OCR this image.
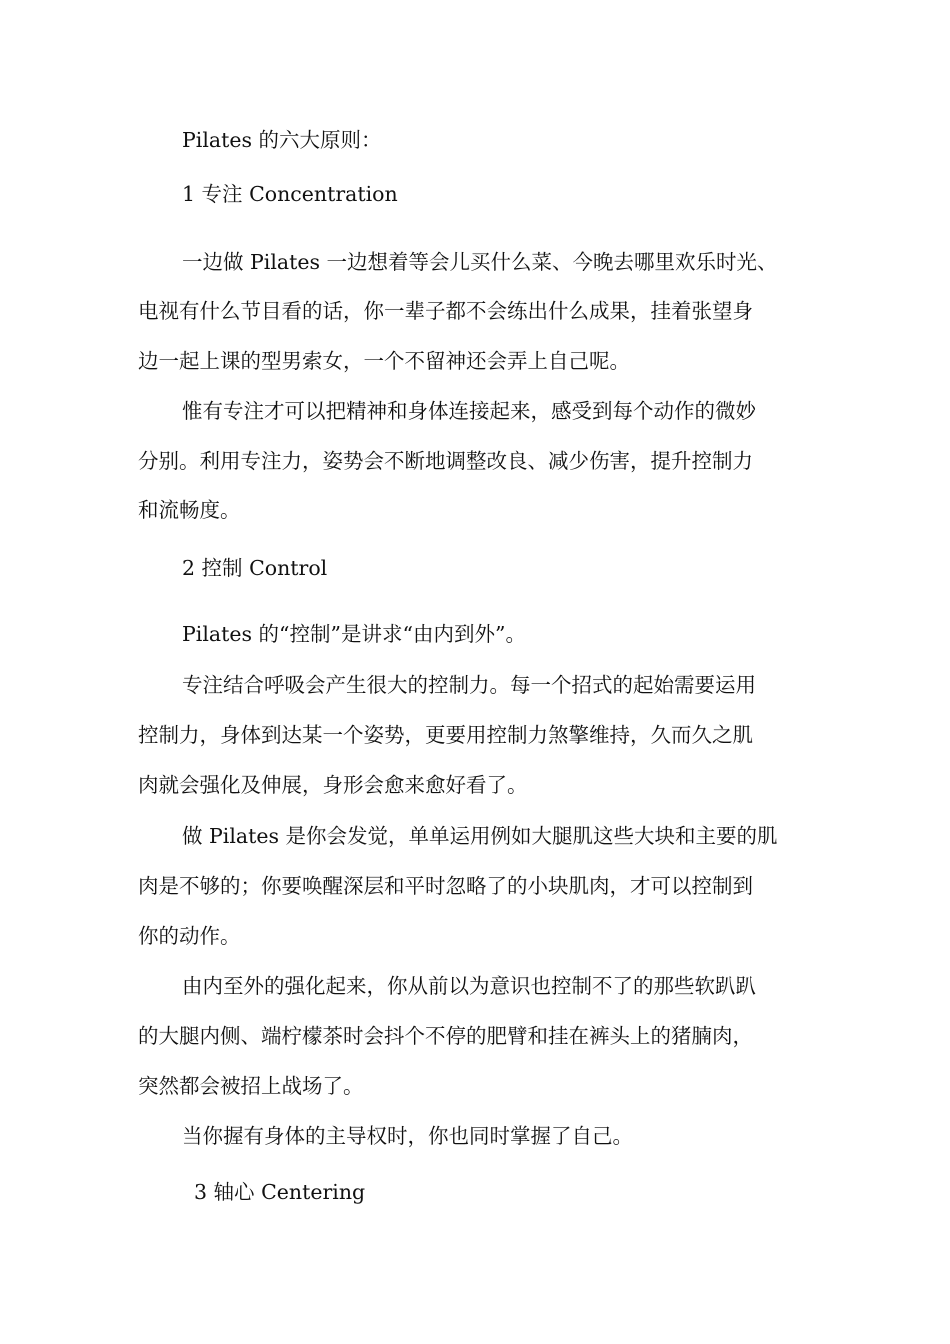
Pilates 的六大原则：
1 专注 Concentration
一边做 Pilates 一边想着等会儿买什么菜、今晚去哪里欢乐时光、
电视有什么节目看的话，你一辈子都不会练出什么成果，挂着张望身
边一起上课的型男索女，一个不留神还会弄上自己呢。
惟有专注才可以把精神和身体连接起来，感受到每个动作的微妙
分别。利用专注力，姿势会不断地调整改良、减少伤害，提升控制力
和流畅度。
2 控制 Control
Pilates 的“控制”是讲求“由内到外”。
专注结合呼吸会产生很大的控制力。每一个招式的起始需要运用
控制力，身体到达某一个姿势，更要用控制力煞擎维持，久而久之肌
肉就会强化及伸展，身形会愈来愈好看了。
做 Pilates 是你会发觉，单单运用例如大腿肌这些大块和主要的肌
肉是不够的；你要唤醒深层和平时忽略了的小块肌肉，才可以控制到
你的动作。
由内至外的强化起来，你从前以为意识也控制不了的那些软趴趴
的大腿内侧、端柠檬茶时会抖个不停的肥臂和挂在裤头上的猪腩肉，
突然都会被招上战场了。
当你握有身体的主导权时，你也同时掌握了自己。
3 轴心 Centering
